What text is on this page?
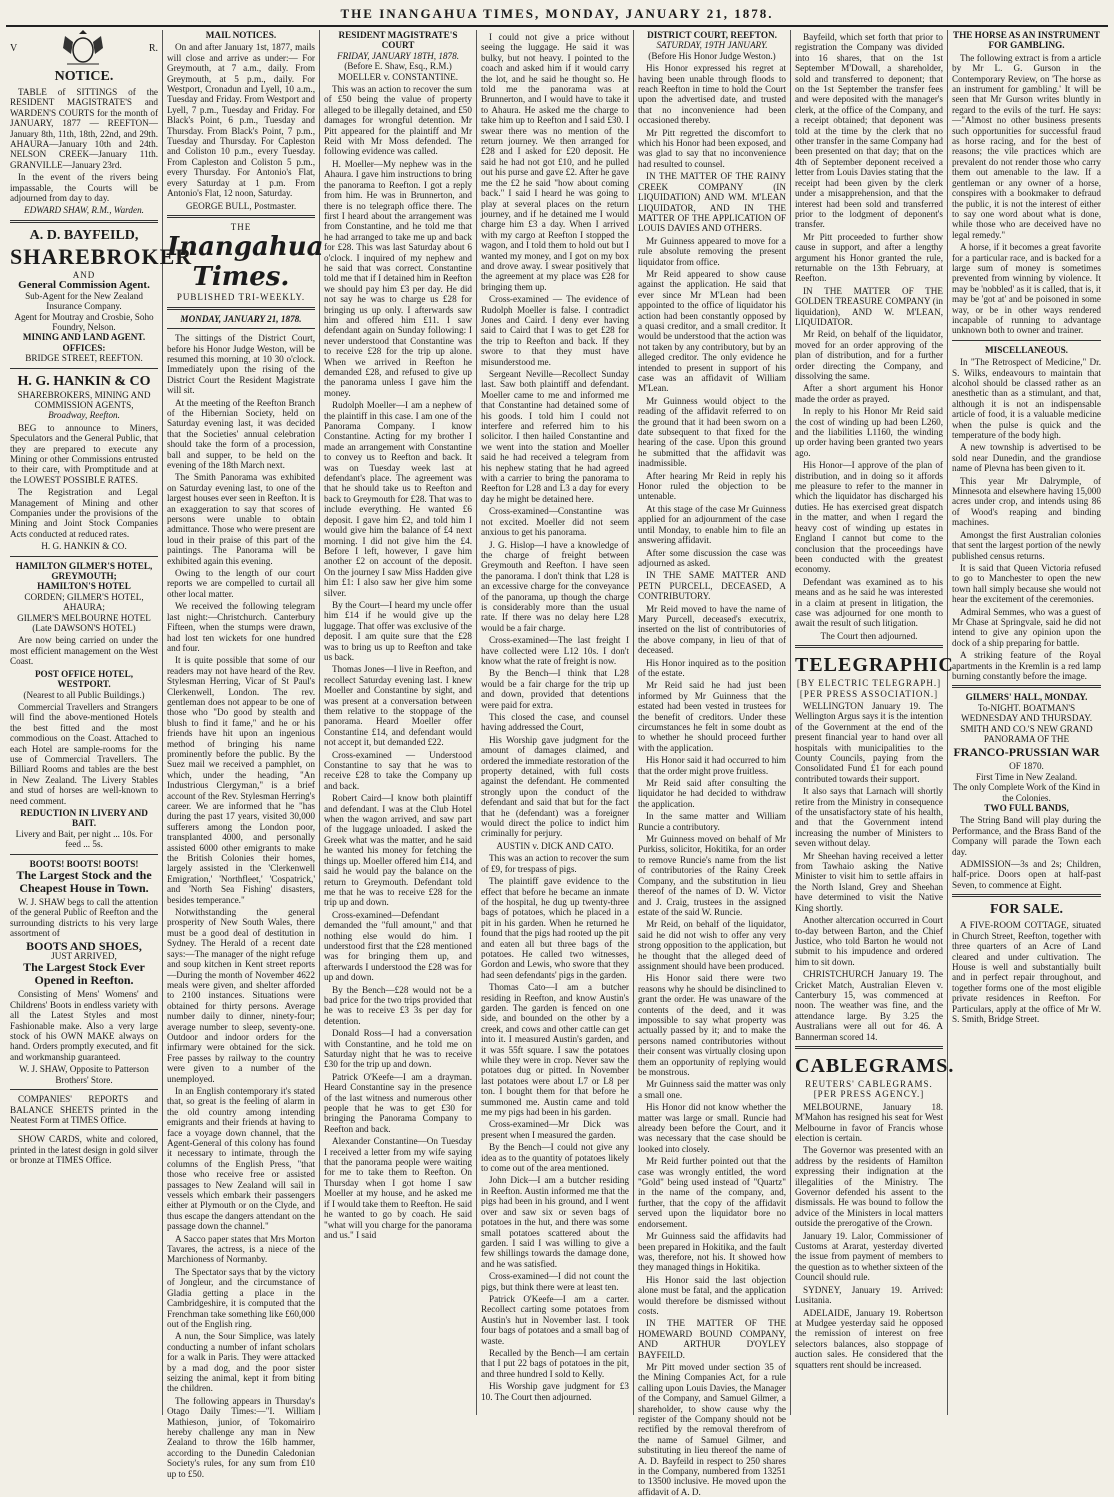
THE INANGAHUA TIMES, MONDAY, JANUARY 21, 1878.
V	R.
NOTICE.
TABLE of SITTINGS of the RESIDENT MAGISTRATE'S and WARDEN'S COURTS for the month of JANUARY, 1877 — REEFTON—January 8th, 11th, 18th, 22nd, and 29th. AHAURA—January 10th and 24th. NELSON CREEK—January 11th. GRANVILLE—January 23rd.
In the event of the rivers being impassable, the Courts will be adjourned from day to day.
EDWARD SHAW, R.M., Warden.
A. D. BAYFEILD,
SHAREBROKER
AND
General Commission Agent.
Sub-Agent for the New Zealand Insurance Company.
Agent for Moutray and Crosbie, Soho Foundry, Nelson.
MINING AND LAND AGENT.
OFFICES:
BRIDGE STREET, REEFTON.
H. G. HANKIN & CO
SHAREBROKERS, MINING AND COMMISSION AGENTS,
Broadway, Reefton.
BEG to announce to Miners, Speculators and the General Public, that they are prepared to execute any Mining or other Commissions entrusted to their care, with Promptitude and at the LOWEST POSSIBLE RATES.
The Registration and Legal Management of Mining and other Companies under the provisions of the Mining and Joint Stock Companies Acts conducted at reduced rates.
H. G. HANKIN & CO.
HAMILTON GILMER'S HOTEL, GREYMOUTH;
HAMILTON'S HOTEL
CORDEN; GILMER'S HOTEL, AHAURA;
GILMER'S MELBOURNE HOTEL (Late DAWSON'S HOTEL)
Are now being carried on under the most efficient management on the West Coast.
POST OFFICE HOTEL, WESTPORT.
(Nearest to all Public Buildings.)
Commercial Travellers and Strangers will find the above-mentioned Hotels the best fitted and the most commodious on the Coast. Attached to each Hotel are sample-rooms for the use of Commercial Travellers. The Billiard Rooms and tables are the best in New Zealand. The Livery Stables and stud of horses are well-known to need comment.
REDUCTION IN LIVERY AND BAIT.
Livery and Bait, per night ... 10s. For feed ... 5s.
BOOTS! BOOTS! BOOTS!
The Largest Stock and the Cheapest House in Town.
W. J. SHAW begs to call the attention of the general Public of Reefton and the surrounding districts to his very large assortment of
BOOTS AND SHOES,
JUST ARRIVED,
The Largest Stock Ever Opened in Reefton.
Consisting of Mens' Womens' and Childrens' Boots in endless variety with all the Latest Styles and most Fashionable make. Also a very large stock of his OWN MAKE always on hand. Orders promptly executed, and fit and workmanship guaranteed.
W. J. SHAW, Opposite to Patterson Brothers' Store.
COMPANIES' REPORTS and BALANCE SHEETS printed in the Neatest Form at TIMES Office.
SHOW CARDS, white and colored, printed in the latest design in gold silver or bronze at TIMES Office.
MAIL NOTICES.
On and after January 1st, 1877, mails will close and arrive as under:— For Greymouth, at 7 a.m., daily. From Greymouth, at 5 p.m., daily. For Westport, Cronadun and Lyell, 10 a.m., Tuesday and Friday. From Westport and Lyell, 7 p.m., Tuesday and Friday. For Black's Point, 6 p.m., Tuesday and Thursday. From Black's Point, 7 p.m., Tuesday and Thursday. For Capleston and Coliston 10 p.m., every Tuesday. From Capleston and Coliston 5 p.m., every Thursday. For Antonio's Flat, every Saturday at 1 p.m. From Antonio's Flat, 12 noon, Saturday.
GEORGE BULL, Postmaster.
THE
Inangahua Times.
PUBLISHED TRI-WEEKLY.
MONDAY, JANUARY 21, 1878.
The sittings of the District Court, before his Honor Judge Weston, will be resumed this morning, at 10 30 o'clock. Immediately upon the rising of the District Court the Resident Magistrate will sit.
At the meeting of the Reefton Branch of the Hibernian Society, held on Saturday evening last, it was decided that the Societies' annual celebration should take the form of a procession, ball and supper, to be held on the evening of the 18th March next.
The Smith Panorama was exhibited on Saturday evening last, to one of the largest houses ever seen in Reefton. It is an exaggeration to say that scores of persons were unable to obtain admittance. Those who were present are loud in their praise of this part of the paintings. The Panorama will be exhibited again this evening.
Owing to the length of our court reports we are compelled to curtail all other local matter.
We received the following telegram last night:—Christchurch. Canterbury Fifteen, when the stumps were drawn, had lost ten wickets for one hundred and four.
It is quite possible that some of our readers may not have heard of the Rev. Stylesman Herring, Vicar of St Paul's Clerkenwell, London. The rev. gentleman does not appear to be one of those who "Do good by stealth and blush to find it fame," and he or his friends have hit upon an ingenious method of bringing his name prominently before the public. By the Suez mail we received a pamphlet, on which, under the heading, "An Industrious Clergyman," is a brief account of the Rev. Stylesman Herring's career. We are informed that he "has during the past 17 years, visited 30,000 sufferers among the London poor, transplanted 4000, and personally assisted 6000 other emigrants to make the British Colonies their homes, largely assisted in the 'Clerkenwell Emigration,' 'Northfleet,' 'Cospatrick,' and 'North Sea Fishing' disasters, besides temperance."
Notwithstanding the general prosperity of New South Wales, there must be a good deal of destitution in Sydney. The Herald of a recent date says:—The manager of the night refuge and soup kitchen in Kent street reports—During the month of November 4622 meals were given, and shelter afforded to 2100 instances. Situations were obtained for thirty persons. Average number daily to dinner, ninety-four; average number to sleep, seventy-one. Outdoor and indoor orders for the infirmary were obtained for the sick. Free passes by railway to the country were given to a number of the unemployed.
In an English contemporary it's stated that, so great is the feeling of alarm in the old country among intending emigrants and their friends at having to face a voyage down channel, that the Agent-General of this colony has found it necessary to intimate, through the columns of the English Press, "that those who receive free or assisted passages to New Zealand will sail in vessels which embark their passengers either at Plymouth or on the Clyde, and thus escape the dangers attendant on the passage down the channel."
A Sacco paper states that Mrs Morton Tavares, the actress, is a niece of the Marchioness of Normanby.
The Spectator says that by the victory of Jongleur, and the circumstance of Gladia getting a place in the Cambridgeshire, it is computed that the Frenchman take something like £60,000 out of the English ring.
A nun, the Sour Simplice, was lately conducting a number of infant scholars for a walk in Paris. They were attacked by a mad dog, and the poor sister seizing the animal, kept it from biting the children.
The following appears in Thursday's Otago Daily Times:—"I. William Mathieson, junior, of Tokomairiro hereby challenge any man in New Zealand to throw the 16lb hammer, according to the Dunedin Caledonian Society's rules, for any sum from £10 up to £50.
RESIDENT MAGISTRATE'S COURT
FRIDAY, JANUARY 18TH, 1878.
(Before E. Shaw, Esq., R.M.)
MOELLER v. CONSTANTINE.
This was an action to recover the sum of £50 being the value of property alleged to be illegally detained, and £50 damages for wrongful detention. Mr Pitt appeared for the plaintiff and Mr Reid with Mr Moss defended. The following evidence was called.
H. Moeller—My nephew was in the Ahaura. I gave him instructions to bring the panorama to Reefton. I got a reply from him. He was in Brunnerton, and there is no telegraph office there. The first I heard about the arrangement was from Constantine, and he told me that he had arranged to take me up and back for £28. This was last Saturday about 6 o'clock. I inquired of my nephew and he said that was correct. Constantine told me that if I detained him in Reefton we should pay him £3 per day. He did not say he was to charge us £28 for bringing us up only. I afterwards saw him and offered him £11. I saw defendant again on Sunday following: I never understood that Constantine was to receive £28 for the trip up alone. When we arrived in Reefton he demanded £28, and refused to give up the panorama unless I gave him the money.
Rudolph Moeller—I am a nephew of the plaintiff in this case. I am one of the Panorama Company. I know Constantine. Acting for my brother I made an arrangement with Constantine to convey us to Reefton and back. It was on Tuesday week last at defendant's place. The agreement was that he should take us to Reefton and back to Greymouth for £28. That was to include everything. He wanted £6 deposit. I gave him £2, and told him I would give him the balance of £4 next morning. I did not give him the £4. Before I left, however, I gave him another £2 on account of the deposit. On the journey I saw Miss Hadden give him £1: I also saw her give him some silver.
By the Court—I heard my uncle offer him £14 if he would give up the luggage. That offer was exclusive of the deposit. I am quite sure that the £28 was to bring us up to Reefton and take us back.
Thomas Jones—I live in Reefton, and recollect Saturday evening last. I knew Moeller and Constantine by sight, and was present at a conversation between them relative to the stoppage of the panorama. Heard Moeller offer Constantine £14, and defendant would not accept it, but demanded £22.
Cross-examined — Understood Constantine to say that he was to receive £28 to take the Company up and back.
Robert Caird—I know both plaintiff and defendant. I was at the Club Hotel when the wagon arrived, and saw part of the luggage unloaded. I asked the Greek what was the matter, and he said he wanted his money for fetching the things up. Moeller offered him £14, and said he would pay the balance on the return to Greymouth. Defendant told me that he was to receive £28 for the trip up and down.
Cross-examined—Defendant demanded the "full amount," and that nothing else would do him. I understood first that the £28 mentioned was for bringing them up, and afterwards I understood the £28 was for up and down.
By the Bench—£28 would not be a bad price for the two trips provided that he was to receive £3 3s per day for detention.
Donald Ross—I had a conversation with Constantine, and he told me on Saturday night that he was to receive £30 for the trip up and down.
Patrick O'Keefe—I am a drayman. Heard Constantine say in the presence of the last witness and numerous other people that he was to get £30 for bringing the Panorama Company to Reefton and back.
Alexander Constantine—On Tuesday I received a letter from my wife saying that the panorama people were waiting for me to take them to Reefton. On Thursday when I got home I saw Moeller at my house, and he asked me if I would take them to Reefton. He said he wanted to go by coach. He said "what will you charge for the panorama and us." I said
I could not give a price without seeing the luggage. He said it was bulky, but not heavy. I pointed to the coach and asked him if it would carry the lot, and he said he thought so. He told me the panorama was at Brunnerton, and I would have to take it to Ahaura. He asked me the charge to take him up to Reefton and I said £30. I swear there was no mention of the return journey. We then arranged for £28 and I asked for £20 deposit. He said he had not got £10, and he pulled out his purse and gave £2. After he gave me the £2 he said "how about coming back." I said I heard he was going to play at several places on the return journey, and if he detained me I would charge him £3 a day. When I arrived with my cargo at Reefton I stopped the wagon, and I told them to hold out but I wanted my money, and I got on my box and drove away. I swear positively that the agreement at my place was £28 for bringing them up.
Cross-examined — The evidence of Rudolph Moeller is false. I contradict Jones and Caird. I deny ever having said to Caird that I was to get £28 for the trip to Reefton and back. If they swore to that they must have misunderstood me.
Sergeant Neville—Recollect Sunday last. Saw both plaintiff and defendant. Moeller came to me and informed me that Constantine had detained some of his goods. I told him I could not interfere and referred him to his solicitor. I then hailed Constantine and we went into the station and Moeller said he had received a telegram from his nephew stating that he had agreed with a carrier to bring the panorama to Reefton for L28 and L3 a day for every day he might be detained here.
Cross-examined—Constantine was not excited. Moeller did not seem anxious to get his panorama.
J. G. Hislop—I have a knowledge of the charge of freight between Greymouth and Reefton. I have seen the panorama. I don't think that L28 is an excessive charge for the conveyance of the panorama, up though the charge is considerably more than the usual rate. If there was no delay here L28 would be a fair charge.
Cross-examined—The last freight I have collected were L12 10s. I don't know what the rate of freight is now.
By the Bench—I think that L28 would be a fair charge for the trip up and down, provided that detentions were paid for extra.
This closed the case, and counsel having addressed the Court,
His Worship gave judgment for the amount of damages claimed, and ordered the immediate restoration of the property detained, with full costs against the defendant. He commented strongly upon the conduct of the defendant and said that but for the fact that he (defendant) was a foreigner would direct the police to indict him criminally for perjury.
AUSTIN v. DICK AND CATO.
This was an action to recover the sum of £9, for trespass of pigs.
The plaintiff gave evidence to the effect that before he became an inmate of the hospital, he dug up twenty-three bags of potatoes, which he placed in a pit in his garden. When he returned he found that the pigs had rooted up the pit and eaten all but three bags of the potatoes. He called two witnesses, Gordon and Lewis, who swore that they had seen defendants' pigs in the garden.
Thomas Cato—I am a butcher residing in Reefton, and know Austin's garden. The garden is fenced on one side, and bounded on the other by a creek, and cows and other cattle can get into it. I measured Austin's garden, and it was 55ft square. I saw the potatoes while they were in crop. Never saw the potatoes dug or pitted. In November last potatoes were about L7 or L8 per ton. I bought them for that before he summoned me. Austin came and told me my pigs had been in his garden.
Cross-examined—Mr Dick was present when I measured the garden.
By the Bench—I could not give any idea as to the quantity of potatoes likely to come out of the area mentioned.
John Dick—I am a butcher residing in Reefton. Austin informed me that the pigs had been in his ground, and I went over and saw six or seven bags of potatoes in the hut, and there was some small potatoes scattered about the garden. I said I was willing to give a few shillings towards the damage done, and he was satisfied.
Cross-examined—I did not count the pigs, but think there were at least ten.
Patrick O'Keefe—I am a carter. Recollect carting some potatoes from Austin's hut in November last. I took four bags of potatoes and a small bag of waste.
Recalled by the Bench—I am certain that I put 22 bags of potatoes in the pit, and three hundred I sold to Kelly.
His Worship gave judgment for £3 10. The Court then adjourned.
DISTRICT COURT, REEFTON.
SATURDAY, 19TH JANUARY.
(Before His Honor Judge Weston.)
His Honor expressed his regret at having been unable through floods to reach Reefton in time to hold the Court upon the advertised date, and trusted that no inconvenience had been occasioned thereby.
Mr Pitt regretted the discomfort to which his Honor had been exposed, and was glad to say that no inconvenience had resulted to counsel.
IN THE MATTER OF THE RAINY CREEK COMPANY (IN LIQUIDATION) AND WM. M'LEAN LIQUIDATOR, AND IN THE MATTER OF THE APPLICATION OF LOUIS DAVIES AND OTHERS.
Mr Guinness appeared to move for a rule absolute removing the present liquidator from office.
Mr Reid appeared to show cause against the application. He said that ever since Mr M'Lean had been appointed to the office of liquidator his action had been constantly opposed by a quasi creditor, and a small creditor. It would be understood that the action was not taken by any contributory, but by an alleged creditor. The only evidence he intended to present in support of his case was an affidavit of William M'Lean.
Mr Guinness would object to the reading of the affidavit referred to on the ground that it had been sworn on a date subsequent to that fixed for the hearing of the case. Upon this ground he submitted that the affidavit was inadmissible.
After hearing Mr Reid in reply his Honor ruled the objection to be untenable.
At this stage of the case Mr Guinness applied for an adjournment of the case until Monday, to enable him to file an answering affidavit.
After some discussion the case was adjourned as asked.
IN THE SAME MATTER AND PETN PURCELL, DECEASED, A CONTRIBUTORY.
Mr Reid moved to have the name of Mary Purcell, deceased's executrix, inserted on the list of contributories of the above company, in lieu of that of deceased.
His Honor inquired as to the position of the estate.
Mr Reid said he had just been informed by Mr Guinness that the estated had been vested in trustees for the benefit of creditors. Under these circumstances he felt in some doubt as to whether he should proceed further with the application.
His Honor said it had occurred to him that the order might prove fruitless.
Mr Reid said after consulting the liquidator he had decided to withdraw the application.
In the same matter and William Runcie a contributory.
Mr Guinness moved on behalf of Mr Purkiss, solicitor, Hokitika, for an order to remove Runcie's name from the list of contributories of the Rainy Creek Company, and the substitution in lieu thereof of the names of D. W. Victor and J. Craig, trustees in the assigned estate of the said W. Runcie.
Mr Reid, on behalf of the liquidator, said he did not wish to offer any very strong opposition to the application, but he thought that the alleged deed of assignment should have been produced.
His Honor said there were two reasons why he should be disinclined to grant the order. He was unaware of the contents of the deed, and it was impossible to say what property was actually passed by it; and to make the persons named contributories without their consent was virtually closing upon them an opportunity of replying would be monstrous.
Mr Guinness said the matter was only a small one.
His Honor did not know whether the matter was large or small. Runcie had already been before the Court, and it was necessary that the case should be looked into closely.
Mr Reid further pointed out that the case was wrongly entitled, the word "Gold" being used instead of "Quartz" in the name of the company, and, further, that the copy of the affidavit served upon the liquidator bore no endorsement.
Mr Guinness said the affidavits had been prepared in Hokitika, and the fault was, therefore, not his. It showed how they managed things in Hokitika.
His Honor said the last objection alone must be fatal, and the application would therefore be dismissed without costs.
IN THE MATTER OF THE HOMEWARD BOUND COMPANY, AND ARTHUR D'OYLEY BAYFEILD.
Mr Pitt moved under section 35 of the Mining Companies Act, for a rule calling upon Louis Davies, the Manager of the Company, and Samuel Gilmer, a shareholder, to show cause why the register of the Company should not be rectified by the removal therefrom of the name of Samuel Gilmer, and substituting in lieu thereof the name of A. D. Bayfeild in respect to 250 shares in the Company, numbered from 13251 to 13500 inclusive. He moved upon the affidavit of A. D.
Bayfeild, which set forth that prior to registration the Company was divided into 16 shares, that on the 1st September M'Dowall, a shareholder, sold and transferred to deponent; that on the 1st September the transfer fees and were deposited with the manager's clerk, at the office of the Company, and a receipt obtained; that deponent was told at the time by the clerk that no other transfer in the same Company had been presented on that day; that on the 4th of September deponent received a letter from Louis Davies stating that the receipt had been given by the clerk under a misapprehension, and that the interest had been sold and transferred prior to the lodgment of deponent's transfer.
Mr Pitt proceeded to further show cause in support, and after a lengthy argument his Honor granted the rule, returnable on the 13th February, at Reefton.
IN THE MATTER OF THE GOLDEN TREASURE COMPANY (in liquidation), AND W. M'LEAN, LIQUIDATOR.
Mr Reid, on behalf of the liquidator, moved for an order approving of the plan of distribution, and for a further order directing the Company, and dissolving the same.
After a short argument his Honor made the order as prayed.
In reply to his Honor Mr Reid said the cost of winding up had been L260, and the liabilities L1160, the winding up order having been granted two years ago.
His Honor—I approve of the plan of distribution, and in doing so it affords me pleasure to refer to the manner in which the liquidator has discharged his duties. He has exercised great dispatch in the matter, and when I regard the heavy cost of winding up estates in England I cannot but come to the conclusion that the proceedings have been conducted with the greatest economy.
Defendant was examined as to his means and as he said he was interested in a claim at present in litigation, the case was adjourned for one month to await the result of such litigation.
The Court then adjourned.
TELEGRAPHIC
[BY ELECTRIC TELEGRAPH.]
[PER PRESS ASSOCIATION.]
WELLINGTON January 19. The Wellington Argus says it is the intention of the Government at the end of the present financial year to hand over all hospitals with municipalities to the County Councils, paying from the Consolidated Fund £1 for each pound contributed towards their support.
It also says that Larnach will shortly retire from the Ministry in consequence of the unsatisfactory state of his health, and that the Government intend increasing the number of Ministers to seven without delay.
Mr Sheehan having received a letter from Tawhaio asking the Native Minister to visit him to settle affairs in the North Island, Grey and Sheehan have determined to visit the Native King shortly.
Another altercation occurred in Court to-day between Barton, and the Chief Justice, who told Barton he would not submit to his impudence and ordered him to sit down.
CHRISTCHURCH January 19. The Cricket Match, Australian Eleven v. Canterbury 15, was commenced at noon. The weather was fine, and the attendance large. By 3.25 the Australians were all out for 46. A Bannerman scored 14.
CABLEGRAMS.
REUTERS' CABLEGRAMS.
[PER PRESS AGENCY.]
MELBOURNE, January 18. M'Mahon has resigned his seat for West Melbourne in favor of Francis whose election is certain.
The Governor was presented with an address by the residents of Hamilton expressing their indignation at the illegalities of the Ministry. The Governor defended his assent to the dismissals. He was bound to follow the advice of the Ministers in local matters outside the prerogative of the Crown.
January 19. Lalor, Commissioner of Customs at Ararat, yesterday diverted the issue from payment of members to the question as to whether sixteen of the Council should rule.
SYDNEY, January 19. Arrived: Lusitania.
ADELAIDE, January 19. Robertson at Mudgee yesterday said he opposed the remission of interest on free selectors balances, also stoppage of auction sales. He considered that the squatters rent should be increased.
THE HORSE AS AN INSTRUMENT FOR GAMBLING.
The following extract is from a article by Mr L. G. Gurson in the Contemporary Review, on 'The horse as an instrument for gambling.' It will be seen that Mr Gurson writes bluntly in regard to the evils of the turf. He says:—"Almost no other business presents such opportunities for successful fraud as horse racing, and for the best of reasons; the vile practices which are prevalent do not render those who carry them out amenable to the law. If a gentleman or any owner of a horse, conspires with a bookmaker to defraud the public, it is not the interest of either to say one word about what is done, while those who are deceived have no legal remedy."
A horse, if it becomes a great favorite for a particular race, and is backed for a large sum of money is sometimes prevented from winning by violence. It may be 'nobbled' as it is called, that is, it may be 'got at' and be poisoned in some way, or be in other ways rendered incapable of running to advantage unknown both to owner and trainer.
MISCELLANEOUS.
In "The Retrospect of Medicine," Dr. S. Wilks, endeavours to maintain that alcohol should be classed rather as an anesthetic than as a stimulant, and that, although it is not an indispensable article of food, it is a valuable medicine when the pulse is quick and the temperature of the body high.
A new township is advertised to be sold near Dunedin, and the grandiose name of Plevna has been given to it.
This year Mr Dalrymple, of Minnesota and elsewhere having 15,000 acres under crop, and intends using 86 of Wood's reaping and binding machines.
Amongst the first Australian colonies that sent the largest portion of the newly published census returns.
It is said that Queen Victoria refused to go to Manchester to open the new town hall simply because she would not hear the excitement of the ceremonies.
Admiral Semmes, who was a guest of Mr Chase at Springvale, said he did not intend to give any opinion upon the dock of a ship preparing for battle.
A striking feature of the Royal apartments in the Kremlin is a red lamp burning constantly before the image.
GILMERS' HALL, MONDAY.
To-NIGHT. BOATMAN'S WEDNESDAY AND THURSDAY.
SMITH AND CO.'S NEW GRAND PANORAMA OF THE
FRANCO-PRUSSIAN WAR
OF 1870.
First Time in New Zealand.
The only Complete Work of the Kind in the Colonies.
TWO FULL BANDS,
The String Band will play during the Performance, and the Brass Band of the Company will parade the Town each day.
ADMISSION—3s and 2s; Children, half-price. Doors open at half-past Seven, to commence at Eight.
FOR SALE.
A FIVE-ROOM COTTAGE, situated in Church Street, Reefton, together with three quarters of an Acre of Land cleared and under cultivation. The House is well and substantially built and in perfect repair throughout, and together forms one of the most eligible private residences in Reefton. For Particulars, apply at the office of Mr W. S. Smith, Bridge Street.
